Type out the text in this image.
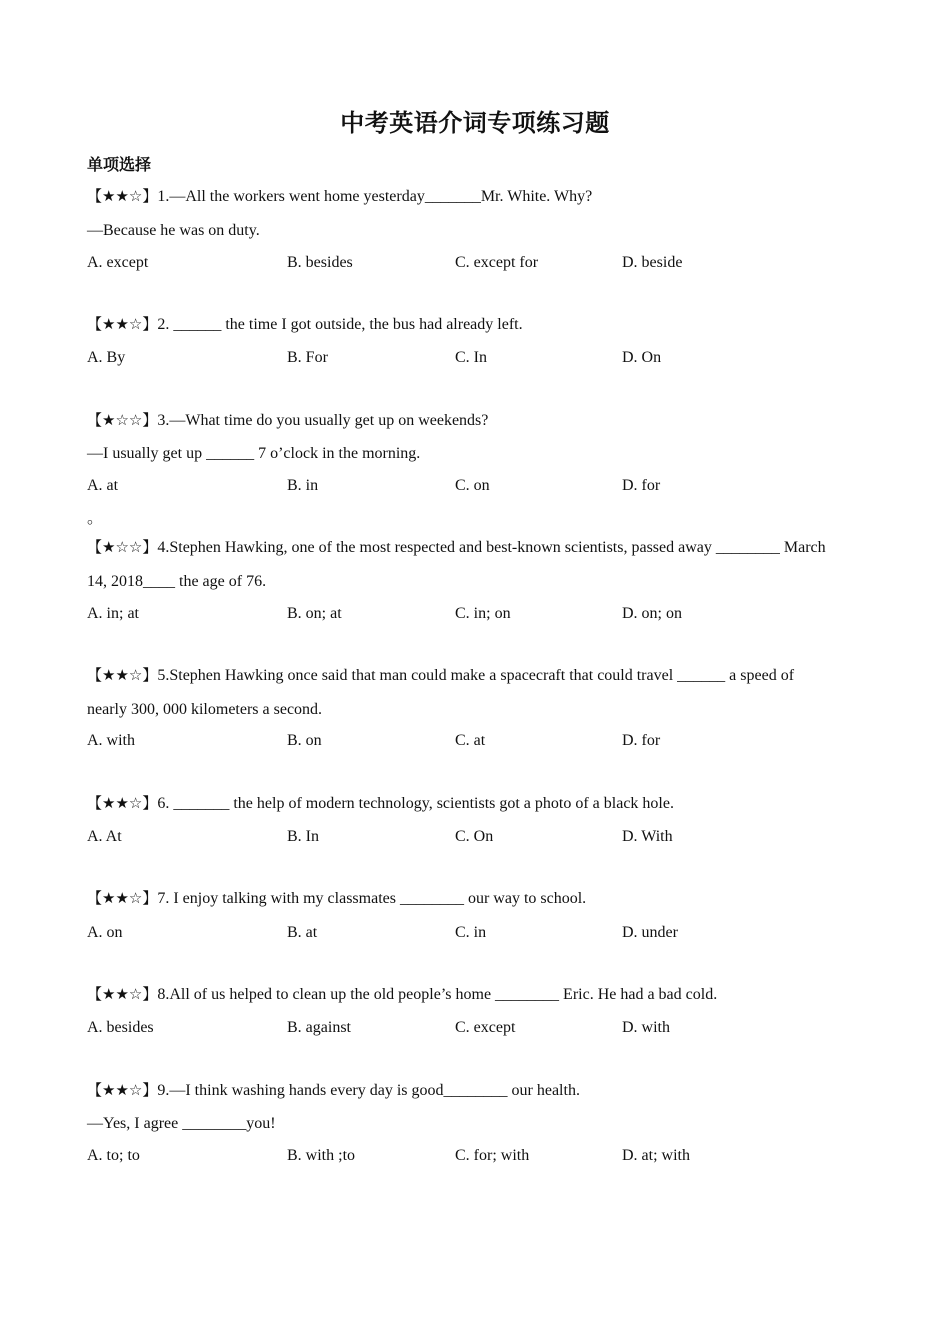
中考英语介词专项练习题
单项选择
【★★☆】1.—All the workers went home yesterday_______Mr. White. Why?
—Because he was on duty.
A. except	B. besides	C. except for	D. beside
【★★☆】2. ______ the time I got outside, the bus had already left.
A. By	B. For	C. In	D. On
【★☆☆】3.—What time do you usually get up on weekends?
—I usually get up ______ 7 o’clock in the morning.
A. at	B. in	C. on	D. for
。
【★☆☆】4.Stephen Hawking, one of the most respected and best-known scientists, passed away ________ March
14, 2018____ the age of 76.
A. in; at	B. on; at	C. in; on	D. on; on
【★★☆】5.Stephen Hawking once said that man could make a spacecraft that could travel ______ a speed of
nearly 300, 000 kilometers a second.
A. with	B. on	C. at	D. for
【★★☆】6. _______ the help of modern technology, scientists got a photo of a black hole.
A. At	B. In	C. On	D. With
【★★☆】7. I enjoy talking with my classmates ________ our way to school.
A. on	B. at	C. in	D. under
【★★☆】8.All of us helped to clean up the old people’s home ________ Eric. He had a bad cold.
A. besides	B. against	C. except	D. with
【★★☆】9.—I think washing hands every day is good________ our health.
—Yes, I agree ________you!
A. to; to	B. with ;to	C. for; with	D. at; with
